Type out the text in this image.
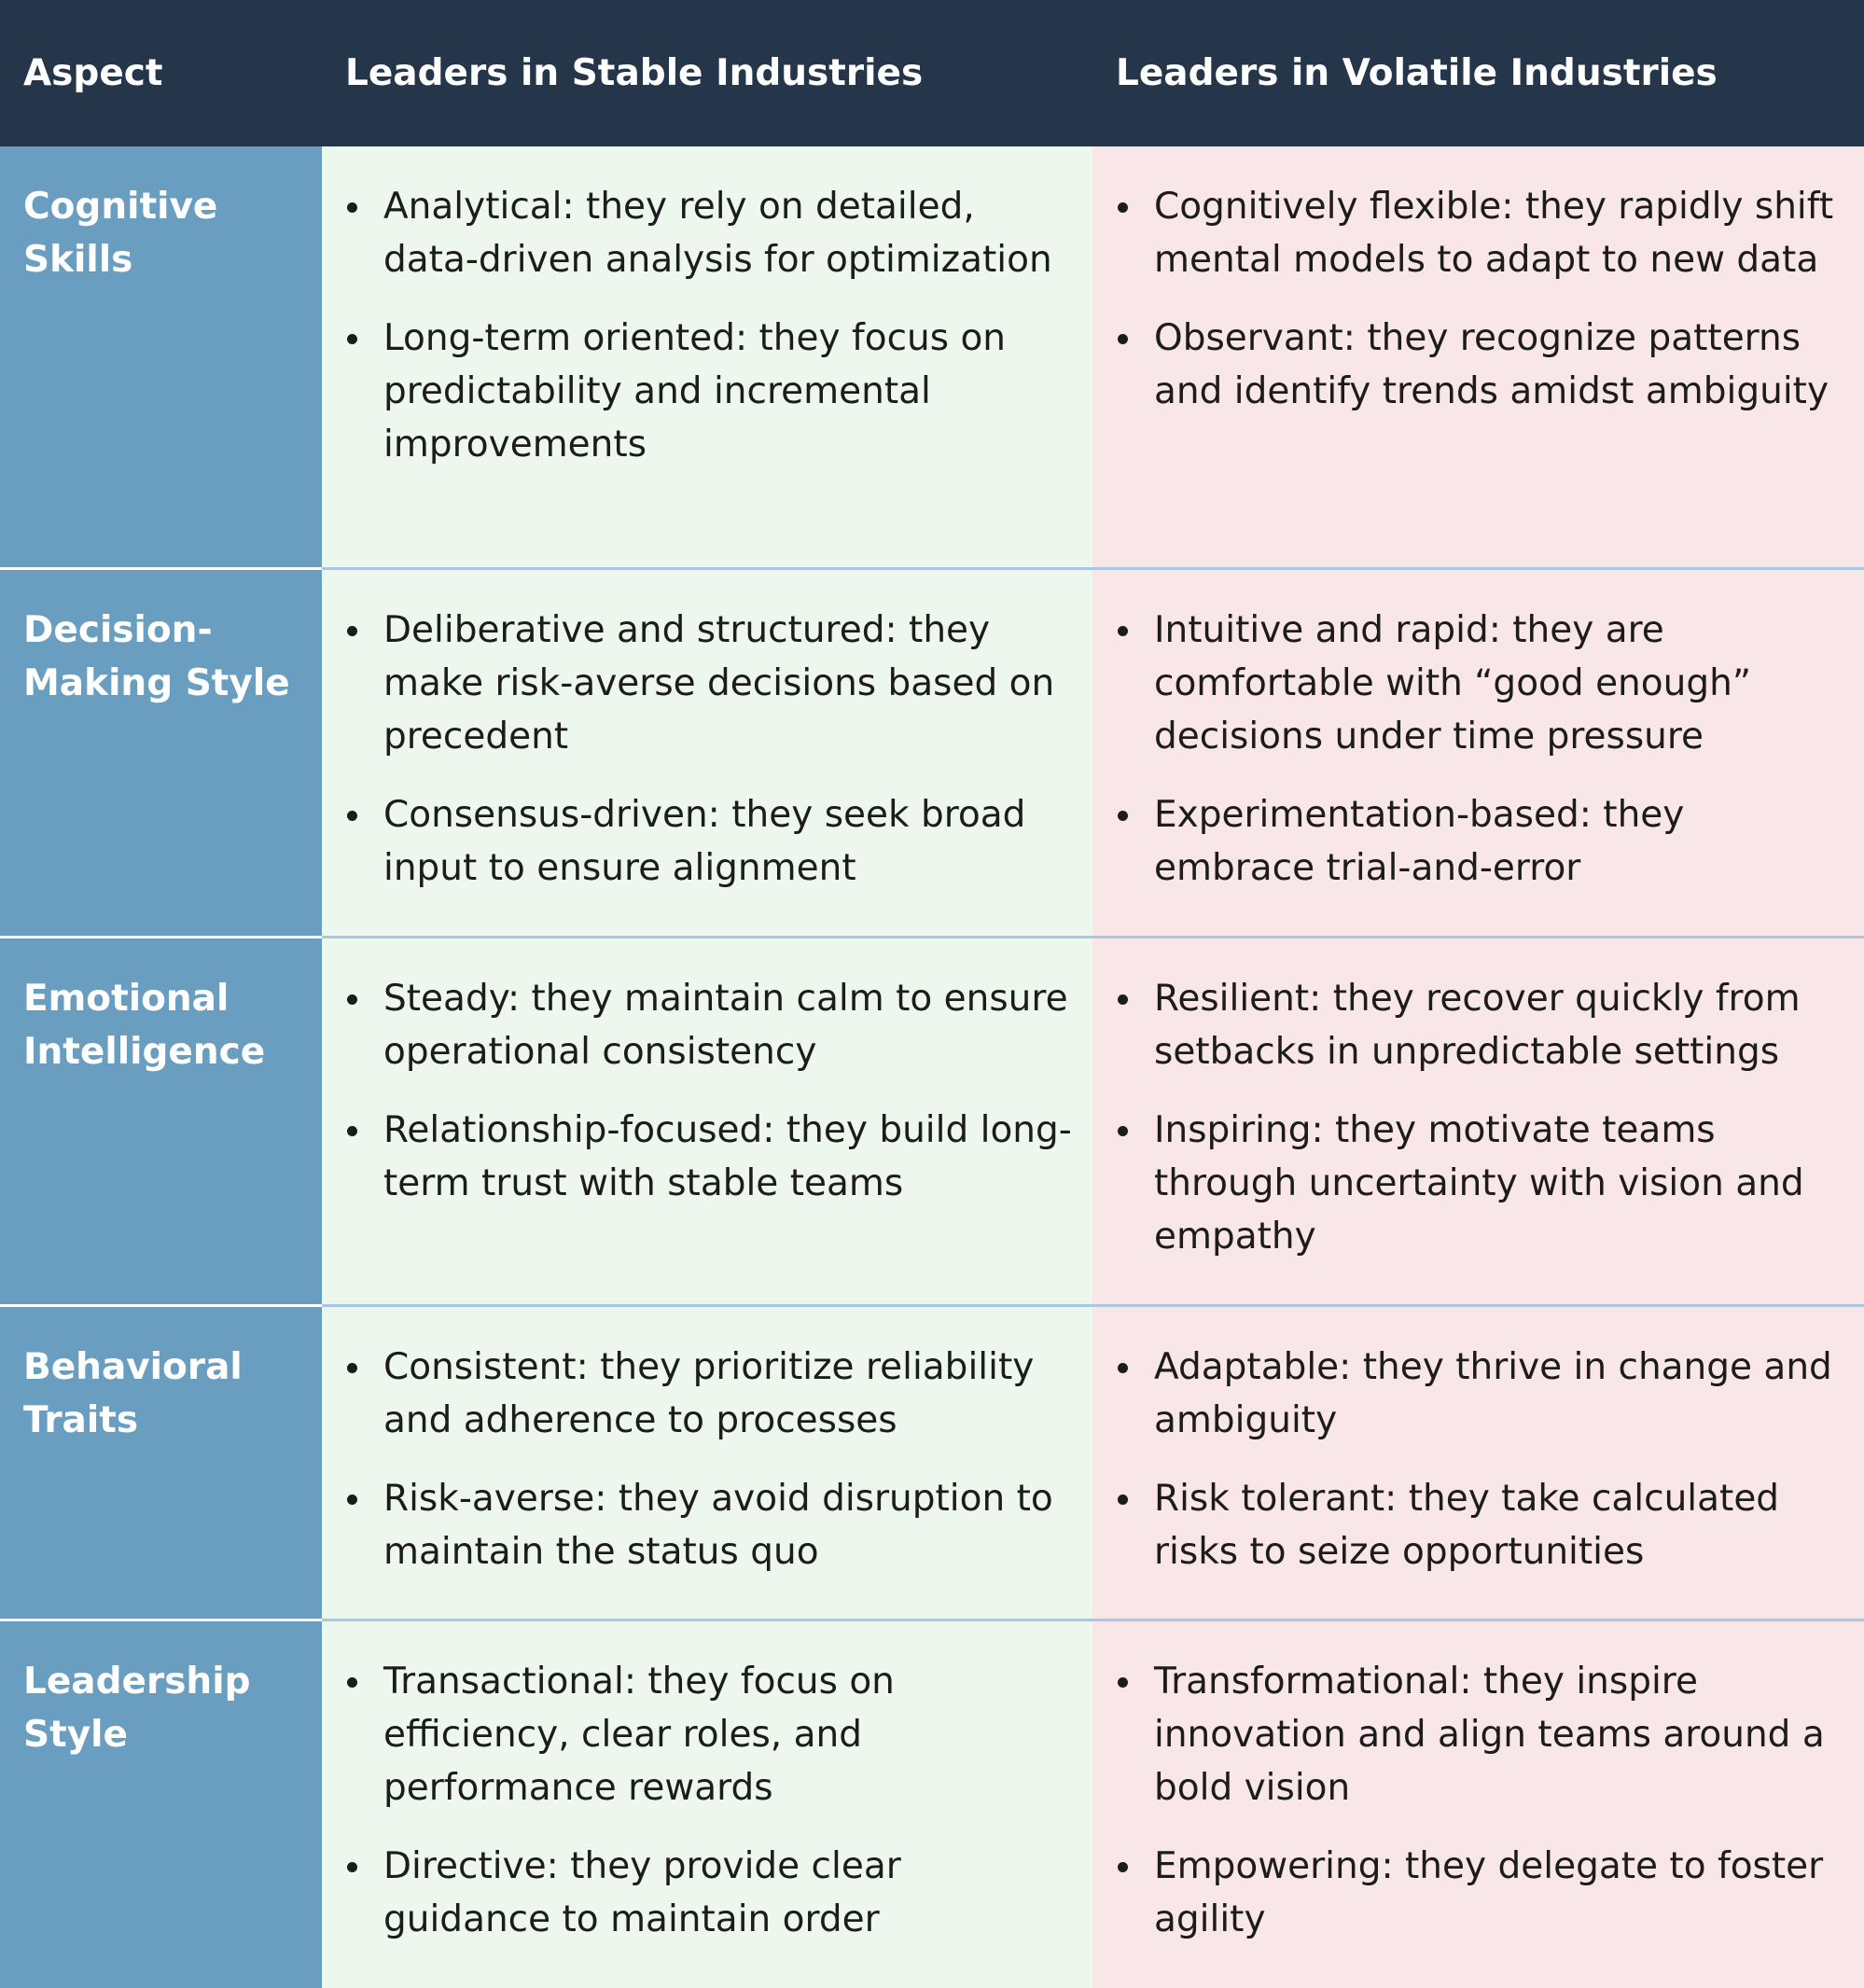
Aspect	Leaders in Stable Industries	Leaders in Volatile Industries
Cognitive Skills
Analytical: they rely on detailed, data-driven analysis for optimization
Long-term oriented: they focus on predictability and incremental improvements
Cognitively flexible: they rapidly shift mental models to adapt to new data
Observant: they recognize patterns and identify trends amidst ambiguity
Decision-Making Style
Deliberative and structured: they make risk-averse decisions based on precedent
Consensus-driven: they seek broad input to ensure alignment
Intuitive and rapid: they are comfortable with “good enough” decisions under time pressure
Experimentation-based: they embrace trial-and-error
Emotional Intelligence
Steady: they maintain calm to ensure operational consistency
Relationship-focused: they build long-term trust with stable teams
Resilient: they recover quickly from setbacks in unpredictable settings
Inspiring: they motivate teams through uncertainty with vision and empathy
Behavioral Traits
Consistent: they prioritize reliability and adherence to processes
Risk-averse: they avoid disruption to maintain the status quo
Adaptable: they thrive in change and ambiguity
Risk tolerant: they take calculated risks to seize opportunities
Leadership Style
Transactional: they focus on efficiency, clear roles, and performance rewards
Directive: they provide clear guidance to maintain order
Transformational: they inspire innovation and align teams around a bold vision
Empowering: they delegate to foster agility
